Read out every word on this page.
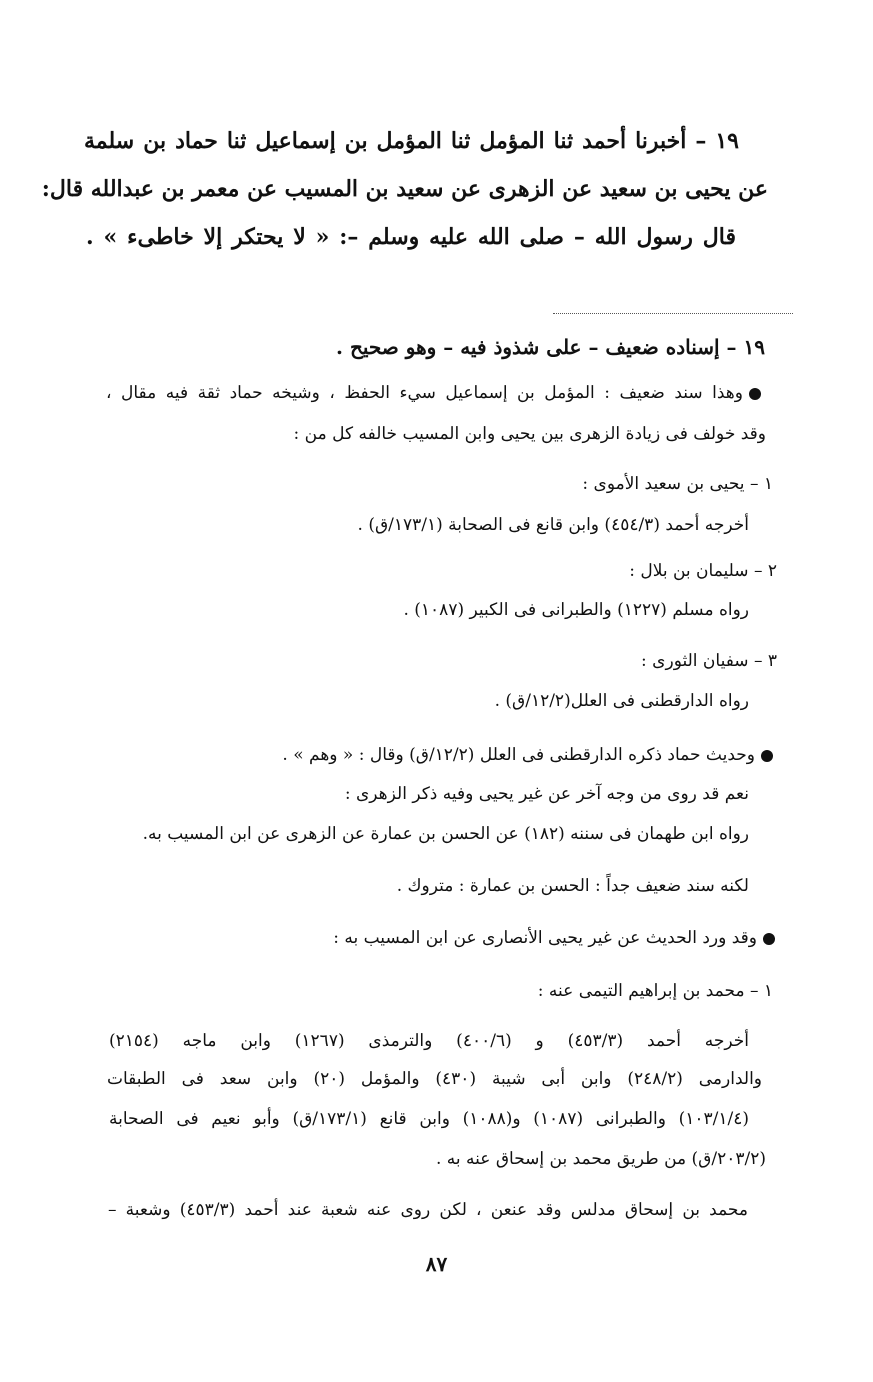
١٩ – أخبرنا أحمد ثنا المؤمل ثنا المؤمل بن إسماعيل ثنا حماد بن سلمة
عن يحيى بن سعيد عن الزهرى عن سعيد بن المسيب عن معمر بن عبدالله قال:
قال رسول الله – صلى الله عليه وسلم –: « لا يحتكر إلا خاطىء » .
١٩ – إسناده ضعيف – على شذوذ فيه – وهو صحيح .
وهذا سند ضعيف : المؤمل بن إسماعيل سيء الحفظ ، وشيخه حماد ثقة فيه مقال ،
وقد خولف فى زيادة الزهرى بين يحيى وابن المسيب خالفه كل من :
١ – يحيى بن سعيد الأموى :
أخرجه أحمد (٤٥٤/٣) وابن قانع فى الصحابة (١٧٣/١/ق) .
٢ – سليمان بن بلال :
رواه مسلم (١٢٢٧) والطبرانى فى الكبير (١٠٨٧) .
٣ – سفيان الثورى :
رواه الدارقطنى فى العلل(١٢/٢/ق) .
وحديث حماد ذكره الدارقطنى فى العلل (١٢/٢/ق) وقال : « وهم » .
نعم قد روى من وجه آخر عن غير يحيى وفيه ذكر الزهرى :
رواه ابن طهمان فى سننه (١٨٢) عن الحسن بن عمارة عن الزهرى عن ابن المسيب به.
لكنه سند ضعيف جداً : الحسن بن عمارة : متروك .
وقد ورد الحديث عن غير يحيى الأنصارى عن ابن المسيب به :
١ – محمد بن إبراهيم التيمى عنه :
أخرجه أحمد (٤٥٣/٣) و (٤٠٠/٦) والترمذى (١٢٦٧) وابن ماجه (٢١٥٤)
والدارمى (٢٤٨/٢) وابن أبى شيبة (٤٣٠) والمؤمل (٢٠) وابن سعد فى الطبقات
(١٠٣/١/٤) والطبرانى (١٠٨٧) و(١٠٨٨) وابن قانع (١٧٣/١/ق) وأبو نعيم فى الصحابة
(٢٠٣/٢/ق) من طريق محمد بن إسحاق عنه به .
محمد بن إسحاق مدلس وقد عنعن ، لكن روى عنه شعبة عند أحمد (٤٥٣/٣) وشعبة –
٨٧
